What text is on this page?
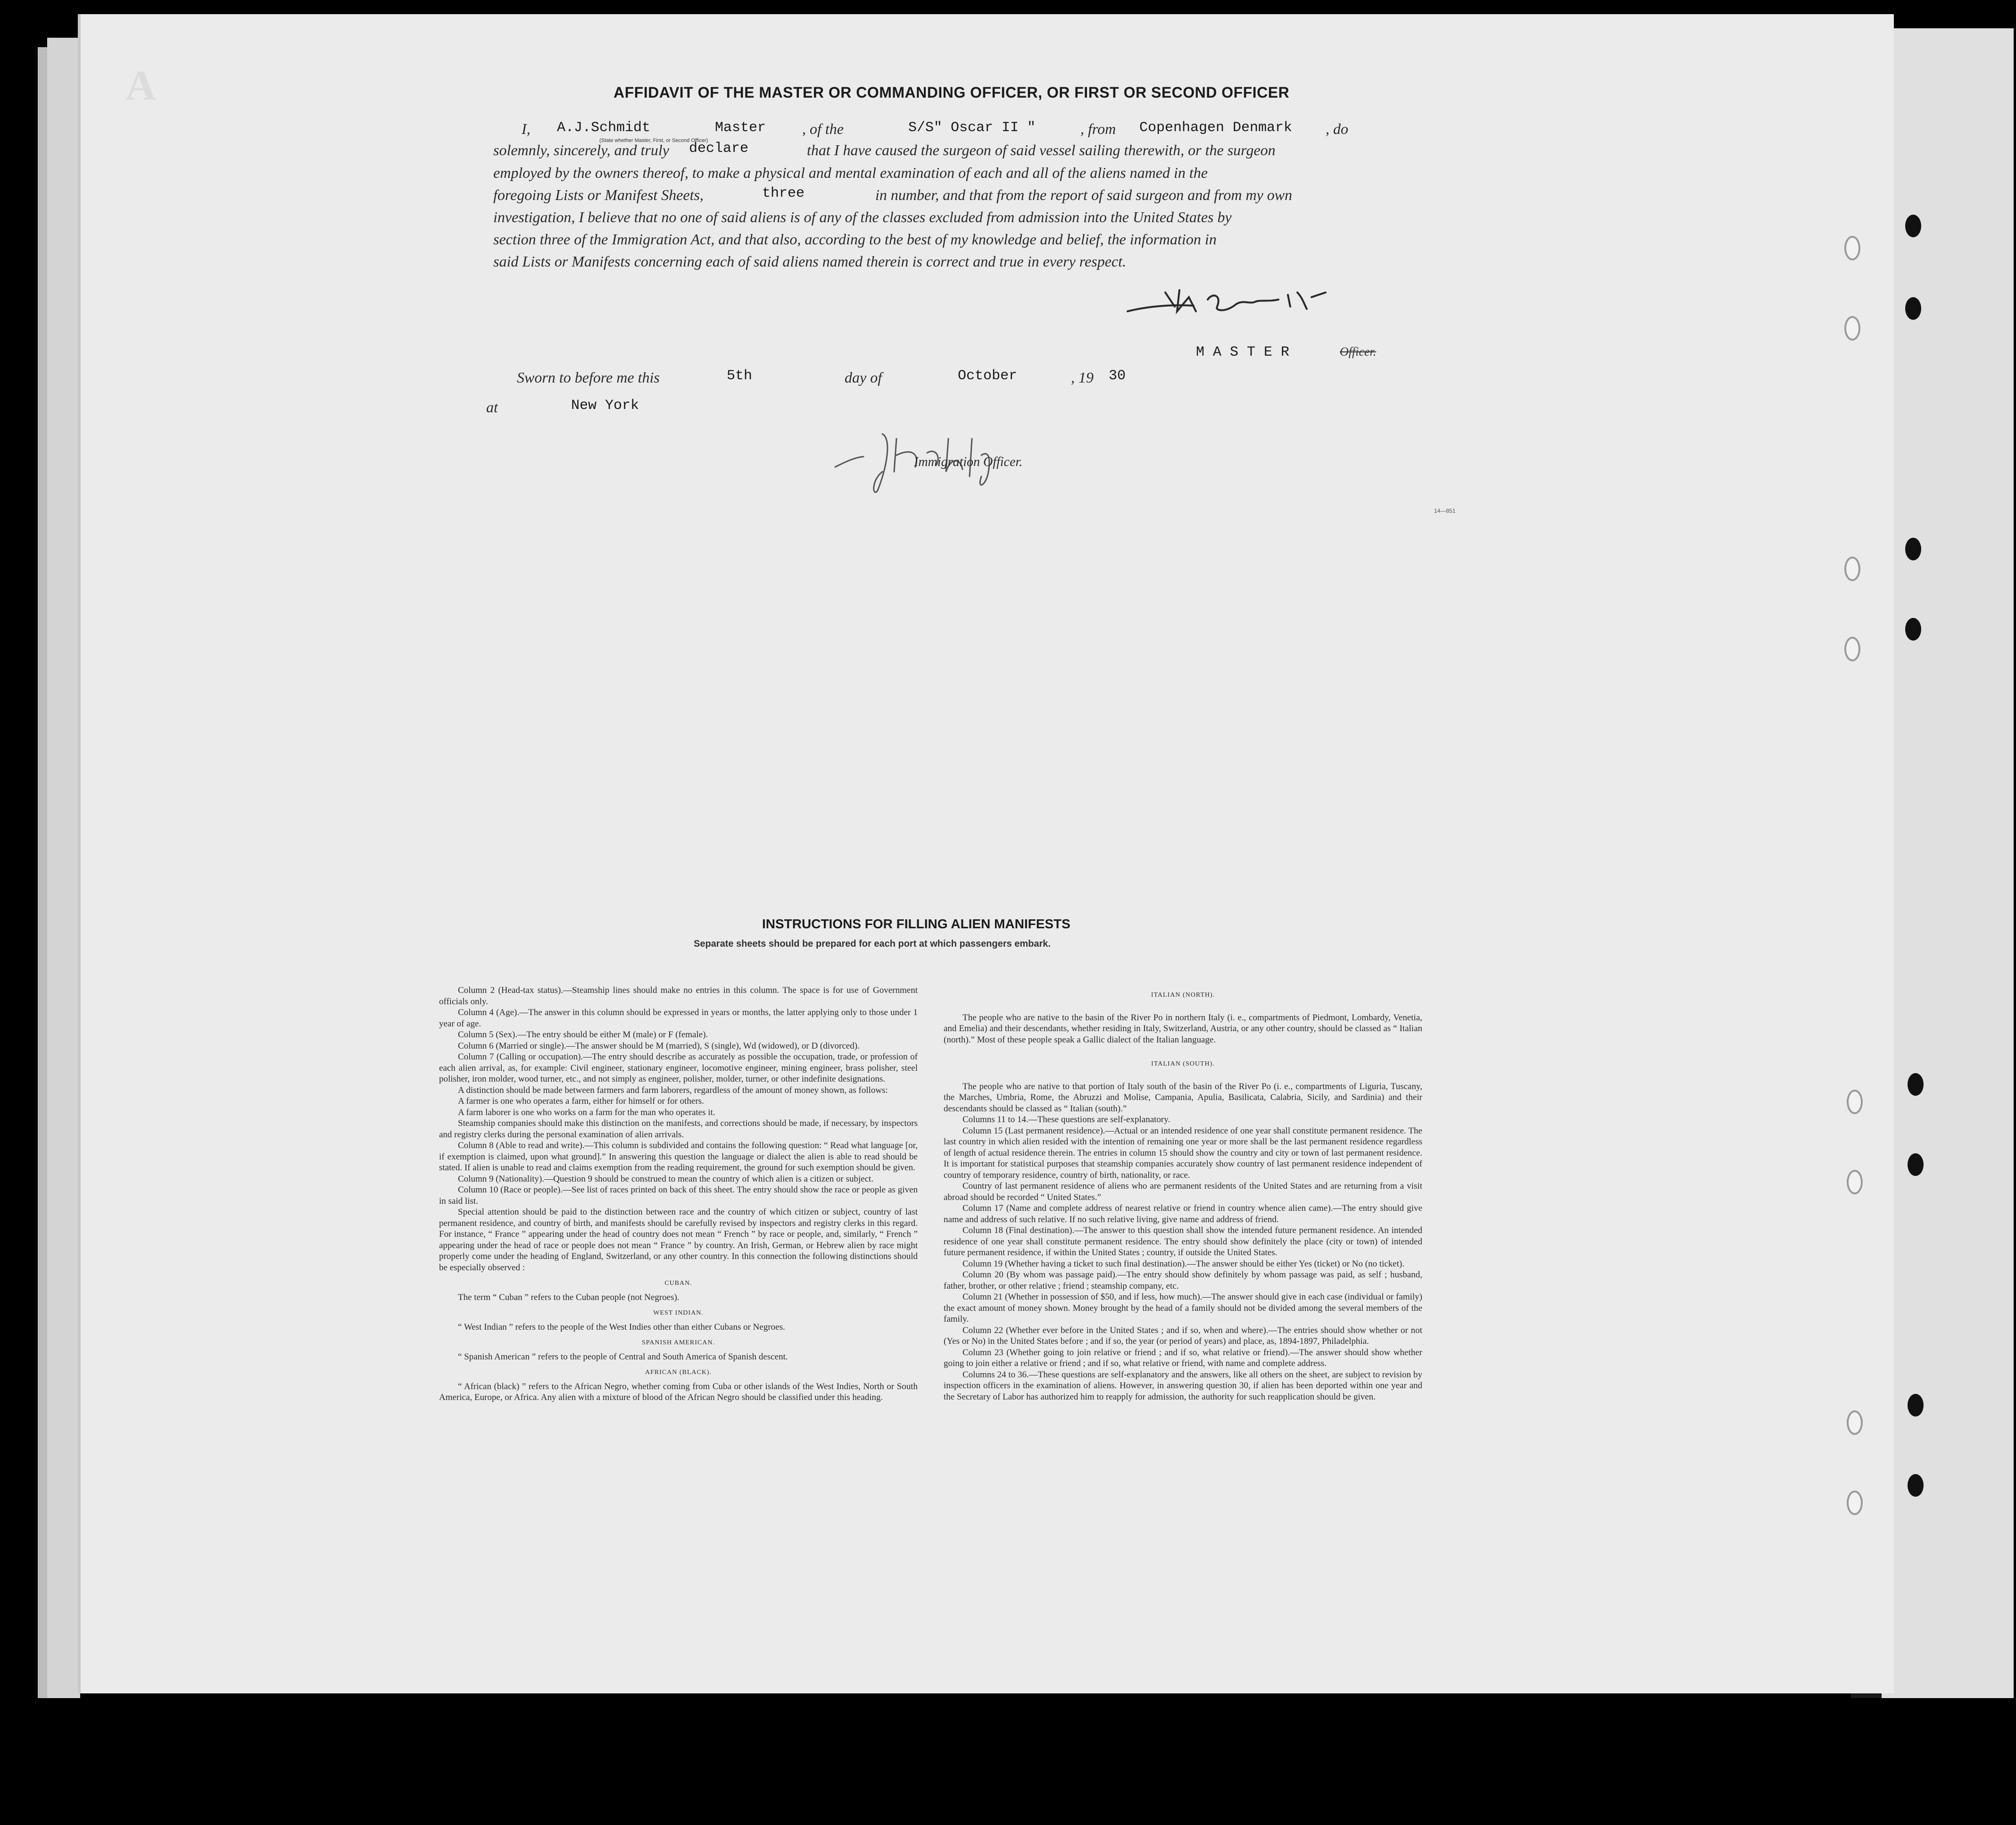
A	AFFIDAVIT OF THE MASTER OR COMMANDING OFFICER, OR FIRST OR SECOND OFFICER
I, A.J.Schmidt	Master
(State whether Master, First, or Second Officer)
, of the	S/S" Oscar II "	, from Copenhagen Denmark , do
solemnly, sincerely, and truly declare	that I have caused the surgeon of said vessel sailing therewith, or the surgeon
employed by the owners thereof, to make a physical and mental examination of each and all of the aliens named in the
foregoing Lists or Manifest Sheets,	three	in number, and that from the report of said surgeon and from my own
investigation, I believe that no one of said aliens is of any of the classes excluded from admission into the United States by
section three of the Immigration Act, and that also, according to the best of my knowledge and belief, the information in
said Lists or Manifests concerning each of said aliens named therein is correct and true in every respect.
MASTER	Officer.
Sworn to before me this	5th	day of	October	, 19 30
at	New York
Immigration Officer.
14—851
INSTRUCTIONS FOR FILLING ALIEN MANIFESTS
Separate sheets should be prepared for each port at which passengers embark.

Column 2 (Head-tax status).—Steamship lines should make no entries in this column. The space is for use of Government officials only.

Column 4 (Age).—The answer in this column should be expressed in years or months, the latter applying only to those under 1 year of age.

Column 5 (Sex).—The entry should be either M (male) or F (female).

Column 6 (Married or single).—The answer should be M (married), S (single), Wd (widowed), or D (divorced).

Column 7 (Calling or occupation).—The entry should describe as accurately as possible the occupation, trade, or profession of each alien arrival, as, for example: Civil engineer, stationary engineer, locomotive engineer, mining engineer, brass polisher, steel polisher, iron molder, wood turner, etc., and not simply as engineer, polisher, molder, turner, or other indefinite designations.

A distinction should be made between farmers and farm laborers, regardless of the amount of money shown, as follows:

A farmer is one who operates a farm, either for himself or for others.

A farm laborer is one who works on a farm for the man who operates it.

Steamship companies should make this distinction on the manifests, and corrections should be made, if necessary, by inspectors and registry clerks during the personal examination of alien arrivals.

Column 8 (Able to read and write).—This column is subdivided and contains the following question: “ Read what language [or, if exemption is claimed, upon what ground].” In answering this question the language or dialect the alien is able to read should be stated. If alien is unable to read and claims exemption from the reading requirement, the ground for such exemption should be given.

Column 9 (Nationality).—Question 9 should be construed to mean the country of which alien is a citizen or subject.

Column 10 (Race or people).—See list of races printed on back of this sheet. The entry should show the race or people as given in said list.

Special attention should be paid to the distinction between race and the country of which citizen or subject, country of last permanent residence, and country of birth, and manifests should be carefully revised by inspectors and registry clerks in this regard. For instance, “ France ” appearing under the head of country does not mean “ French ” by race or people, and, similarly, “ French ” appearing under the head of race or people does not mean “ France ” by country. An Irish, German, or Hebrew alien by race might properly come under the heading of England, Switzerland, or any other country. In this connection the following distinctions should be especially observed :

CUBAN.

The term “ Cuban ” refers to the Cuban people (not Negroes).

WEST INDIAN.

“ West Indian ” refers to the people of the West Indies other than either Cubans or Negroes.

SPANISH AMERICAN.

“ Spanish American ” refers to the people of Central and South America of Spanish descent.

AFRICAN (BLACK).

“ African (black) ” refers to the African Negro, whether coming from Cuba or other islands of the West Indies, North or South America, Europe, or Africa. Any alien with a mixture of blood of the African Negro should be classified under this heading.

ITALIAN (NORTH).

The people who are native to the basin of the River Po in northern Italy (i. e., compartments of Piedmont, Lombardy, Venetia, and Emelia) and their descendants, whether residing in Italy, Switzerland, Austria, or any other country, should be classed as “ Italian (north).” Most of these people speak a Gallic dialect of the Italian language.

ITALIAN (SOUTH).

The people who are native to that portion of Italy south of the basin of the River Po (i. e., compartments of Liguria, Tuscany, the Marches, Umbria, Rome, the Abruzzi and Molise, Campania, Apulia, Basilicata, Calabria, Sicily, and Sardinia) and their descendants should be classed as “ Italian (south).”

Columns 11 to 14.—These questions are self-explanatory.

Column 15 (Last permanent residence).—Actual or an intended residence of one year shall constitute permanent residence. The last country in which alien resided with the intention of remaining one year or more shall be the last permanent residence regardless of length of actual residence therein. The entries in column 15 should show the country and city or town of last permanent residence. It is important for statistical purposes that steamship companies accurately show country of last permanent residence independent of country of temporary residence, country of birth, nationality, or race.

Country of last permanent residence of aliens who are permanent residents of the United States and are returning from a visit abroad should be recorded “ United States.”

Column 17 (Name and complete address of nearest relative or friend in country whence alien came).—The entry should give name and address of such relative. If no such relative living, give name and address of friend.

Column 18 (Final destination).—The answer to this question shall show the intended future permanent residence. An intended residence of one year shall constitute permanent residence. The entry should show definitely the place (city or town) of intended future permanent residence, if within the United States ; country, if outside the United States.

Column 19 (Whether having a ticket to such final destination).—The answer should be either Yes (ticket) or No (no ticket).

Column 20 (By whom was passage paid).—The entry should show definitely by whom passage was paid, as self ; husband, father, brother, or other relative ; friend ; steamship company, etc.

Column 21 (Whether in possession of $50, and if less, how much).—The answer should give in each case (individual or family) the exact amount of money shown. Money brought by the head of a family should not be divided among the several members of the family.

Column 22 (Whether ever before in the United States ; and if so, when and where).—The entries should show whether or not (Yes or No) in the United States before ; and if so, the year (or period of years) and place, as, 1894-1897, Philadelphia.

Column 23 (Whether going to join relative or friend ; and if so, what relative or friend).—The answer should show whether going to join either a relative or friend ; and if so, what relative or friend, with name and complete address.

Columns 24 to 36.—These questions are self-explanatory and the answers, like all others on the sheet, are subject to revision by inspection officers in the examination of aliens. However, in answering question 30, if alien has been deported within one year and the Secretary of Labor has authorized him to reapply for admission, the authority for such reapplication should be given.
